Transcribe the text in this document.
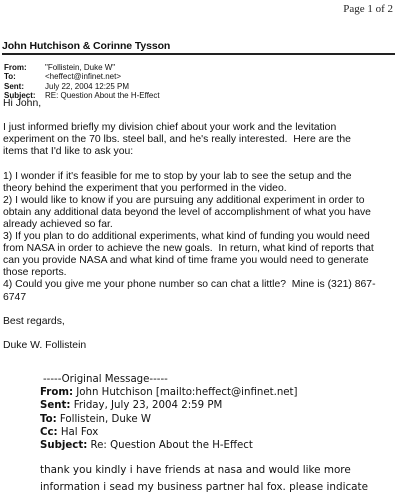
Page 1 of 2
John Hutchison & Corinne Tysson
From:	"Follistein, Duke W"
To:	<heffect@infinet.net>
Sent:	July 22, 2004 12:25 PM
Subject:	RE: Question About the H-Effect
Hi John,

I just informed briefly my division chief about your work and the levitation
experiment on the 70 lbs. steel ball, and he's really interested.  Here are the
items that I'd like to ask you:

1) I wonder if it's feasible for me to stop by your lab to see the setup and the
theory behind the experiment that you performed in the video.
2) I would like to know if you are pursuing any additional experiment in order to
obtain any additional data beyond the level of accomplishment of what you have
already achieved so far.
3) If you plan to do additional experiments, what kind of funding you would need
from NASA in order to achieve the new goals.  In return, what kind of reports that
can you provide NASA and what kind of time frame you would need to generate
those reports.
4) Could you give me your phone number so can chat a little?  Mine is (321) 867-
6747

Best regards,

Duke W. Follistein
-----Original Message-----
From: John Hutchison [mailto:heffect@infinet.net]
Sent: Friday, July 23, 2004 2:59 PM
To: Follistein, Duke W
Cc: Hal Fox
Subject: Re: Question About the H-Effect
thank you kindly i have friends at nasa and would like more
information i sead my business partner hal fox. please indicate
